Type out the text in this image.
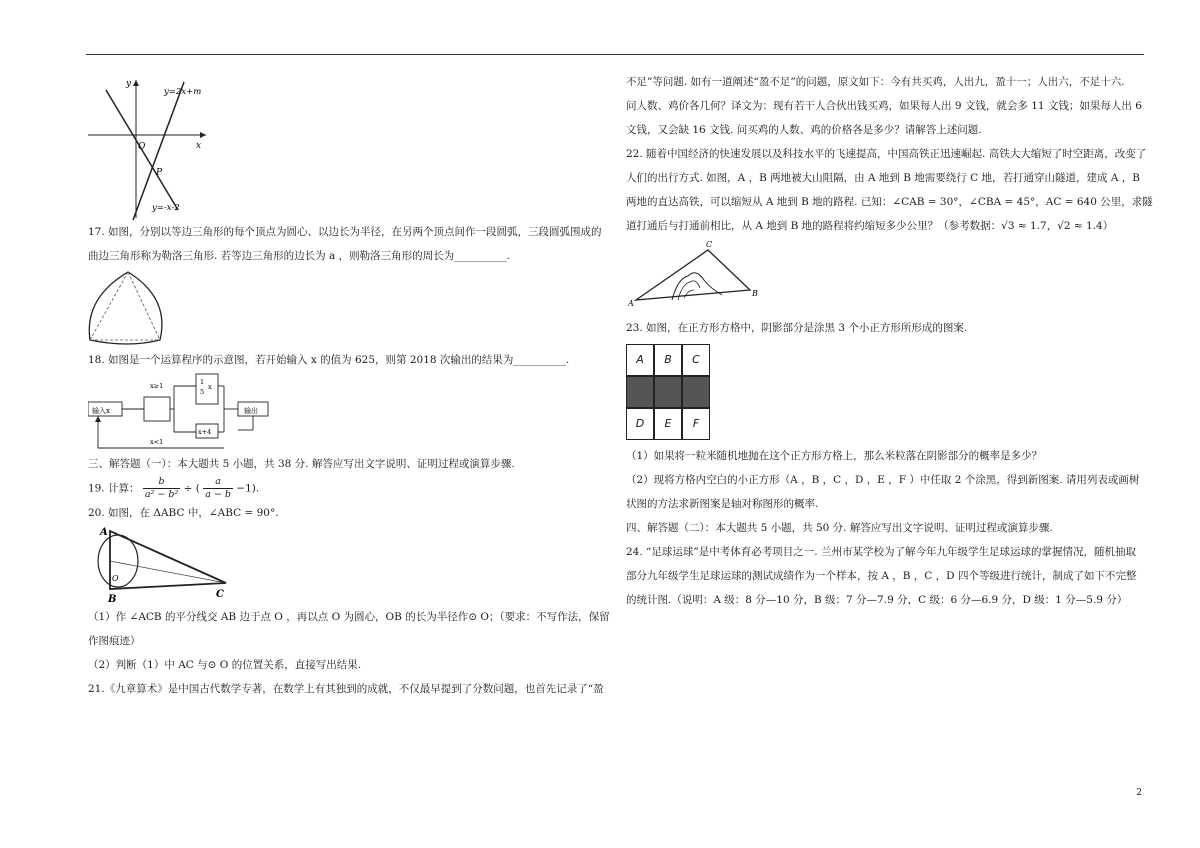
y
x
O
P
y=2x+m
y=-x-2

17. 如图，分别以等边三角形的每个顶点为圆心、以边长为半径，在另两个顶点间作一段圆弧，三段圆弧围成的

曲边三角形称为勒洛三角形. 若等边三角形的边长为 a ，则勒洛三角形的周长为__________.

18. 如图是一个运算程序的示意图，若开始输入 x 的值为 625，则第 2018 次输出的结果为__________.

输入x
x≥1	1
5
x
x+4
x<1
输出

三、解答题（一）：本大题共 5 小题，共 38 分. 解答应写出文字说明、证明过程或演算步骤.

19. 计算： $\frac{b}{\text{a² − b²}}$ ÷ ( $\frac{a}{a - b} -1$).

20. 如图，在 ΔABC 中，∠ABC = 90°.

A
B	C
O

（1）作 ∠ACB 的平分线交 AB 边于点 O ，再以点 O 为圆心，OB 的长为半径作⊙ O；（要求：不写作法，保留

作图痕迹）

（2）判断（1）中 AC 与⊙ O 的位置关系，直接写出结果.

21.《九章算术》是中国古代数学专著，在数学上有其独到的成就，不仅最早提到了分数问题，也首先记录了“盈

不足”等问题. 如有一道阐述“盈不足”的问题，原文如下：今有共买鸡，人出九，盈十一；人出六，不足十六.

问人数、鸡价各几何？译文为：现有若干人合伙出钱买鸡，如果每人出 9 文钱，就会多 11 文钱；如果每人出 6

文钱，又会缺 16 文钱. 问买鸡的人数、鸡的价格各是多少？请解答上述问题.

22. 随着中国经济的快速发展以及科技水平的飞速提高，中国高铁正迅速崛起. 高铁大大缩短了时空距离，改变了

人们的出行方式. 如图，A ，B 两地被大山阻隔，由 A 地到 B 地需要绕行 C 地，若打通穿山隧道，建成 A ，B

两地的直达高铁，可以缩短从 A 地到 B 地的路程. 已知：∠CAB = 30°，∠CBA = 45°，AC = 640 公里，求隧

道打通后与打通前相比，从 A 地到 B 地的路程将约缩短多少公里？（参考数据：√3 ≈ 1.7，√2 ≈ 1.4）

A
B
C

23. 如图，在正方形方格中，阴影部分是涂黑 3 个小正方形所形成的图案.

A	B	C
D	E	F

（1）如果将一粒米随机地抛在这个正方形方格上，那么米粒落在阴影部分的概率是多少？

（2）现将方格内空白的小正方形（A ，B ，C ，D ，E ，F ）中任取 2 个涂黑，得到新图案. 请用列表或画树

状图的方法求新图案是轴对称图形的概率.

四、解答题（二）：本大题共 5 小题，共 50 分. 解答应写出文字说明、证明过程或演算步骤.

24. “足球运球”是中考体育必考项目之一. 兰州市某学校为了解今年九年级学生足球运球的掌握情况，随机抽取

部分九年级学生足球运球的测试成绩作为一个样本，按 A ，B ，C ，D 四个等级进行统计，制成了如下不完整

的统计图.（说明：A 级：8 分—10 分，B 级：7 分—7.9 分，C 级：6 分—6.9 分，D 级：1 分—5.9 分）

2
